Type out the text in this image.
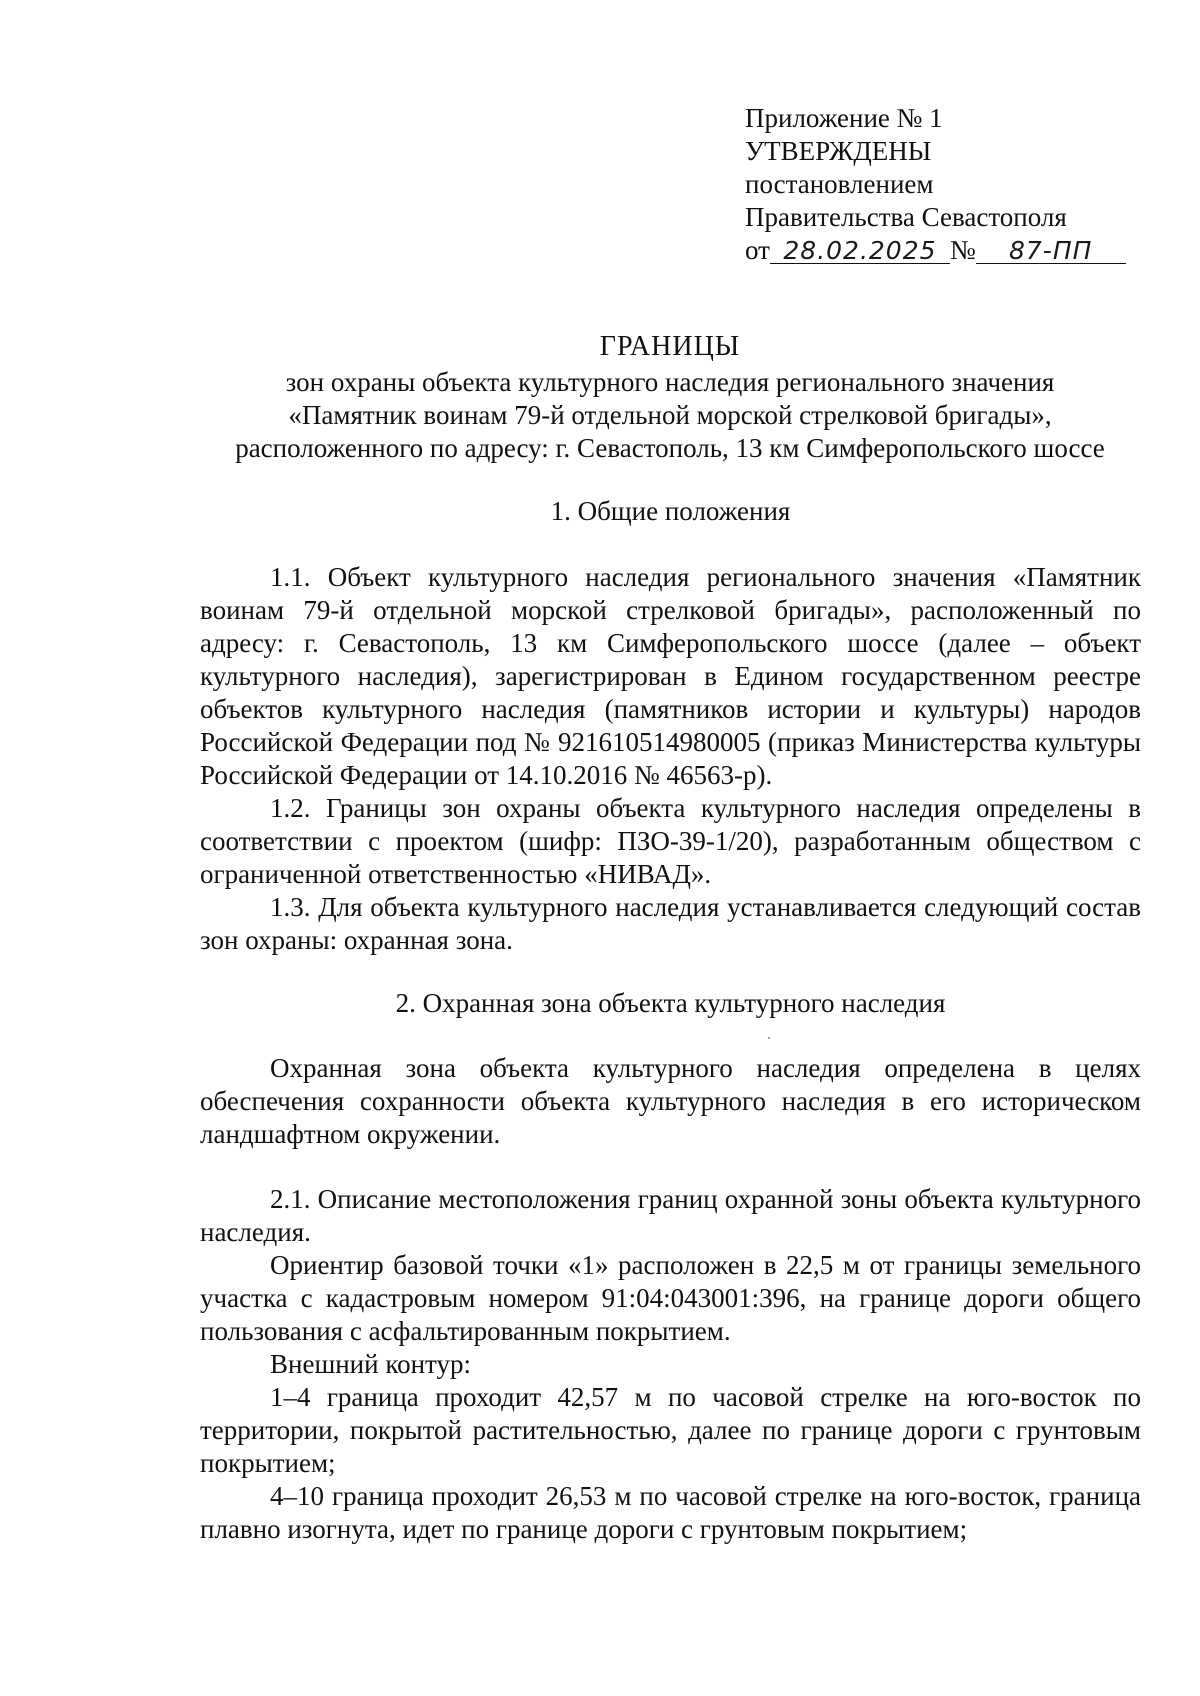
Приложение № 1
УТВЕРЖДЕНЫ
постановлением
Правительства Севастополя
от 28.02.2025 № 87-ПП
ГРАНИЦЫ
зон охраны объекта культурного наследия регионального значения
«Памятник воинам 79-й отдельной морской стрелковой бригады»,
расположенного по адресу: г. Севастополь, 13 км Симферопольского шоссе

1. Общие положения

1.1. Объект культурного наследия регионального значения «Памятник воинам 79-й отдельной морской стрелковой бригады», расположенный по адресу: г. Севастополь, 13 км Симферопольского шоссе (далее – объект культурного наследия), зарегистрирован в Едином государственном реестре объектов культурного наследия (памятников истории и культуры) народов Российской Федерации под № 921610514980005 (приказ Министерства культуры Российской Федерации от 14.10.2016 № 46563-р).

1.2. Границы зон охраны объекта культурного наследия определены в соответствии с проектом (шифр: ПЗО-39-1/20), разработанным обществом с ограниченной ответственностью «НИВАД».

1.3. Для объекта культурного наследия устанавливается следующий состав зон охраны: охранная зона.

2. Охранная зона объекта культурного наследия

Охранная зона объекта культурного наследия определена в целях обеспечения сохранности объекта культурного наследия в его историческом ландшафтном окружении.

2.1. Описание местоположения границ охранной зоны объекта культурного наследия.

Ориентир базовой точки «1» расположен в 22,5 м от границы земельного участка с кадастровым номером 91:04:043001:396, на границе дороги общего пользования с асфальтированным покрытием.

Внешний контур:

1–4 граница проходит 42,57 м по часовой стрелке на юго-восток по территории, покрытой растительностью, далее по границе дороги с грунтовым покрытием;

4–10 граница проходит 26,53 м по часовой стрелке на юго-восток, граница плавно изогнута, идет по границе дороги с грунтовым покрытием;
